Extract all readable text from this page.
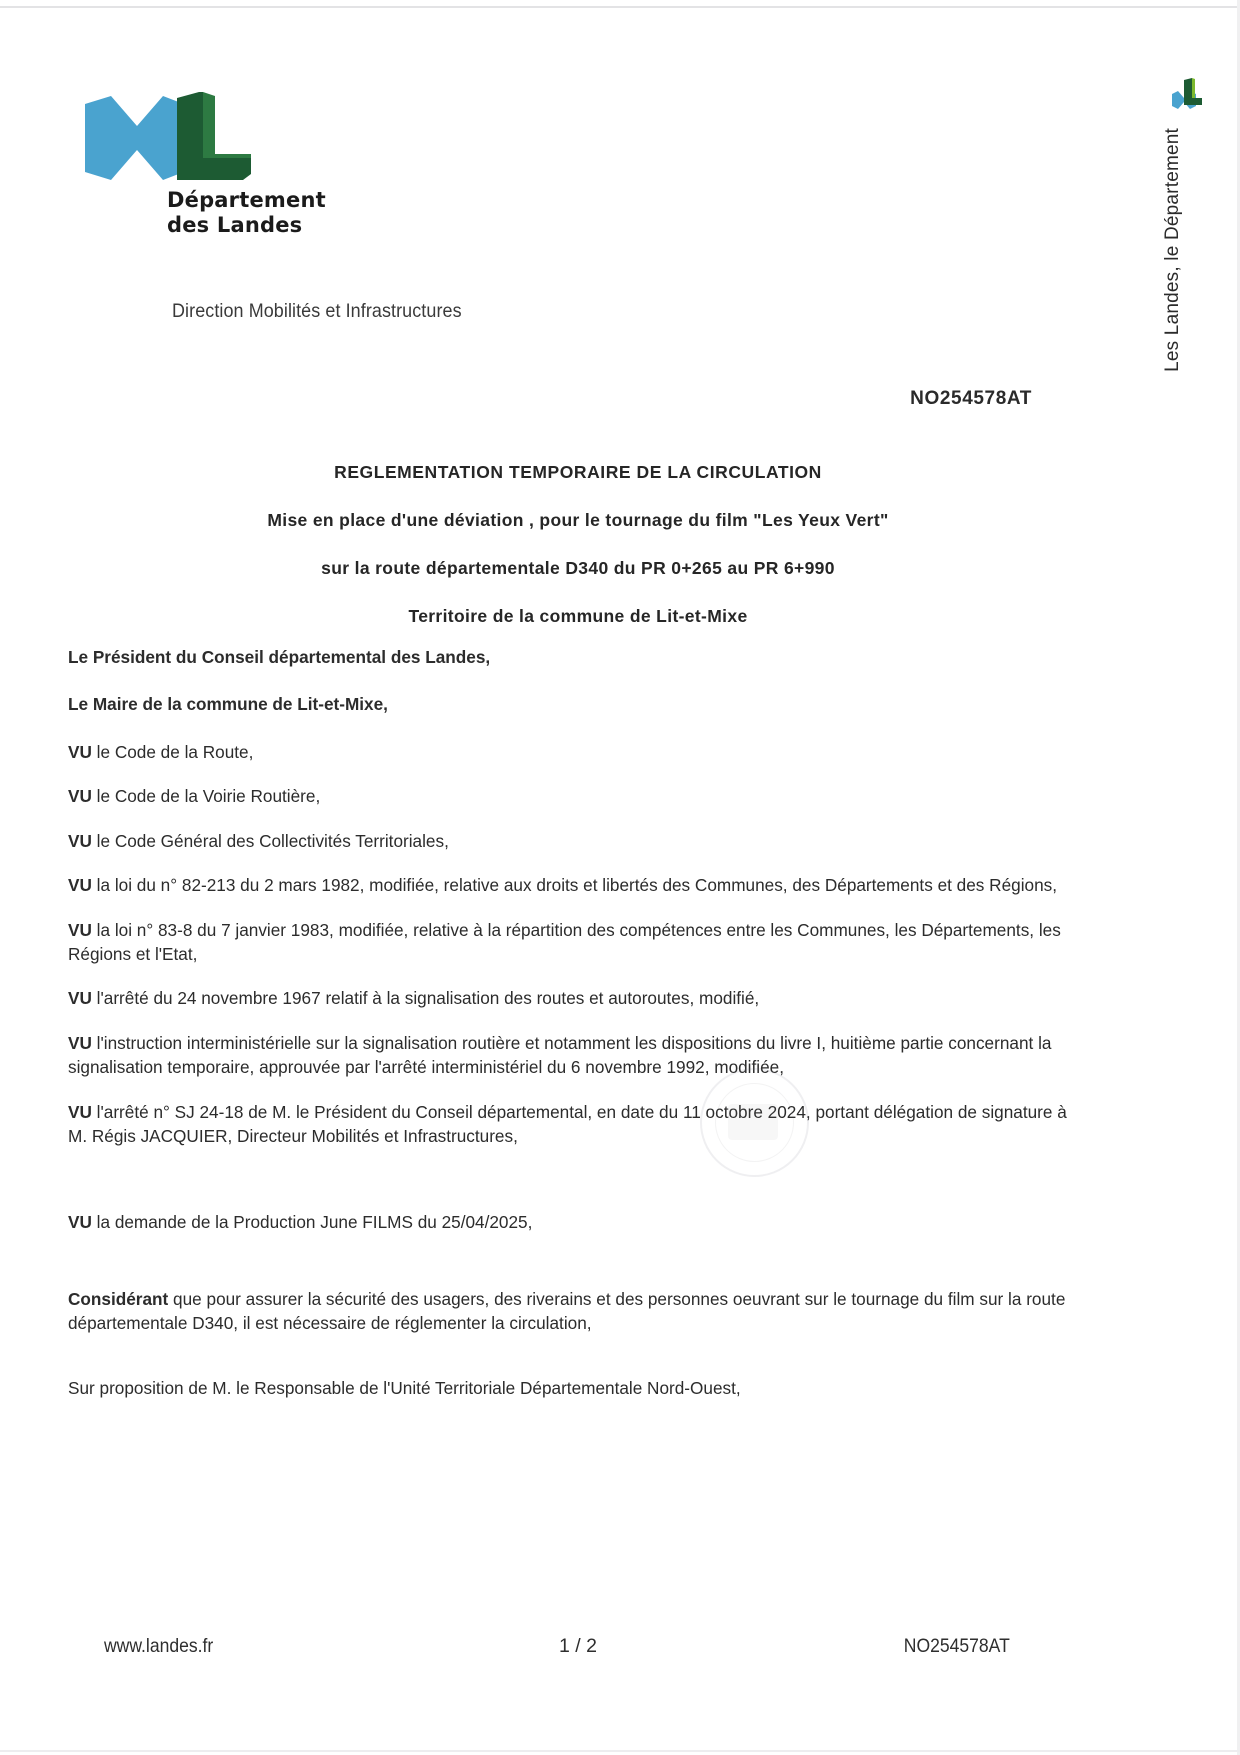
Département
des Landes	Les Landes, le Département
Direction Mobilités et Infrastructures
NO254578AT
REGLEMENTATION TEMPORAIRE DE LA CIRCULATION
Mise en place d'une déviation , pour le tournage du film "Les Yeux Vert"
sur la route départementale D340 du PR 0+265 au PR 6+990
Territoire de la commune de Lit-et-Mixe

Le Président du Conseil départemental des Landes,

Le Maire de la commune de Lit-et-Mixe,

VU le Code de la Route,

VU le Code de la Voirie Routière,

VU le Code Général des Collectivités Territoriales,

VU la loi du n° 82-213 du 2 mars 1982, modifiée, relative aux droits et libertés des Communes, des Départements et des Régions,

VU la loi n° 83-8 du 7 janvier 1983, modifiée, relative à la répartition des compétences entre les Communes, les Départements, les Régions et l'Etat,

VU l'arrêté du 24 novembre 1967 relatif à la signalisation des routes et autoroutes, modifié,

VU l'instruction interministérielle sur la signalisation routière et notamment les dispositions du livre I, huitième partie concernant la signalisation temporaire, approuvée par l'arrêté interministériel du 6 novembre 1992, modifiée,

VU l'arrêté n° SJ 24-18 de M. le Président du Conseil départemental, en date du 11 octobre 2024, portant délégation de signature à M. Régis JACQUIER, Directeur Mobilités et Infrastructures,

VU la demande de la Production June FILMS du 25/04/2025,

Considérant que pour assurer la sécurité des usagers, des riverains et des personnes oeuvrant sur le tournage du film sur la route départementale D340, il est nécessaire de réglementer la circulation,

Sur proposition de M. le Responsable de l'Unité Territoriale Départementale Nord-Ouest,

www.landes.fr	1 / 2	NO254578AT
